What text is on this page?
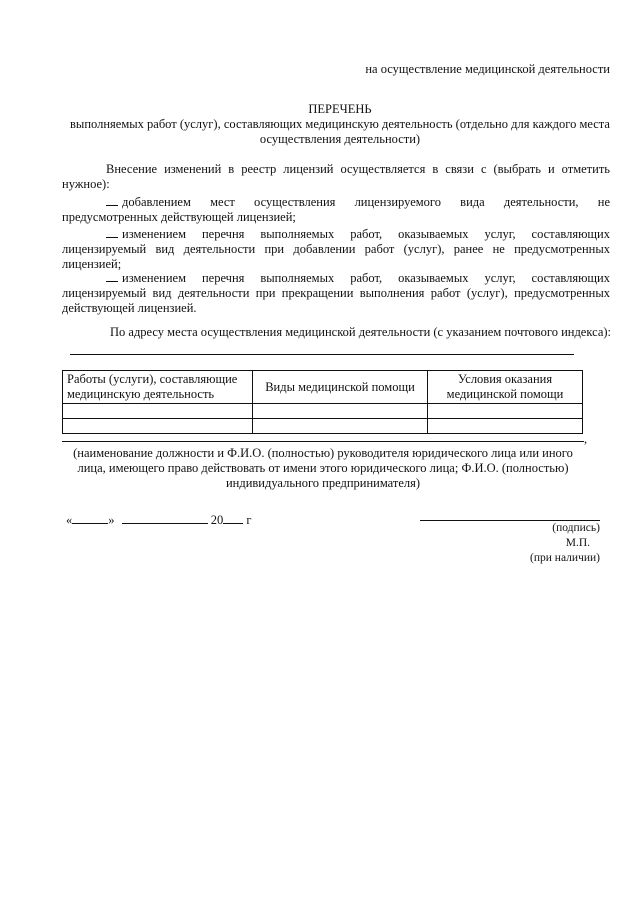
на осуществление медицинской деятельности
ПЕРЕЧЕНЬ
выполняемых работ (услуг), составляющих медицинскую деятельность (отдельно для каждого места осуществления деятельности)
Внесение изменений в реестр лицензий осуществляется в связи с (выбрать и отметить нужное):
добавлением мест осуществления лицензируемого вида деятельности, не предусмотренных действующей лицензией;
изменением перечня выполняемых работ, оказываемых услуг, составляющих лицензируемый вид деятельности при добавлении работ (услуг), ранее не предусмотренных лицензией;
изменением перечня выполняемых работ, оказываемых услуг, составляющих лицензируемый вид деятельности при прекращении выполнения работ (услуг), предусмотренных действующей лицензией.
По адресу места осуществления медицинской деятельности (с указанием почтового индекса):
Работы (услуги), составляющие медицинскую деятельность	Виды медицинской помощи	Условия оказания медицинской помощи

,
(наименование должности и Ф.И.О. (полностью) руководителя юридического лица или иного лица, имеющего право действовать от имени этого юридического лица; Ф.И.О. (полностью) индивидуального предпринимателя)
«	»	20 г
(подпись)
М.П.
(при наличии)
